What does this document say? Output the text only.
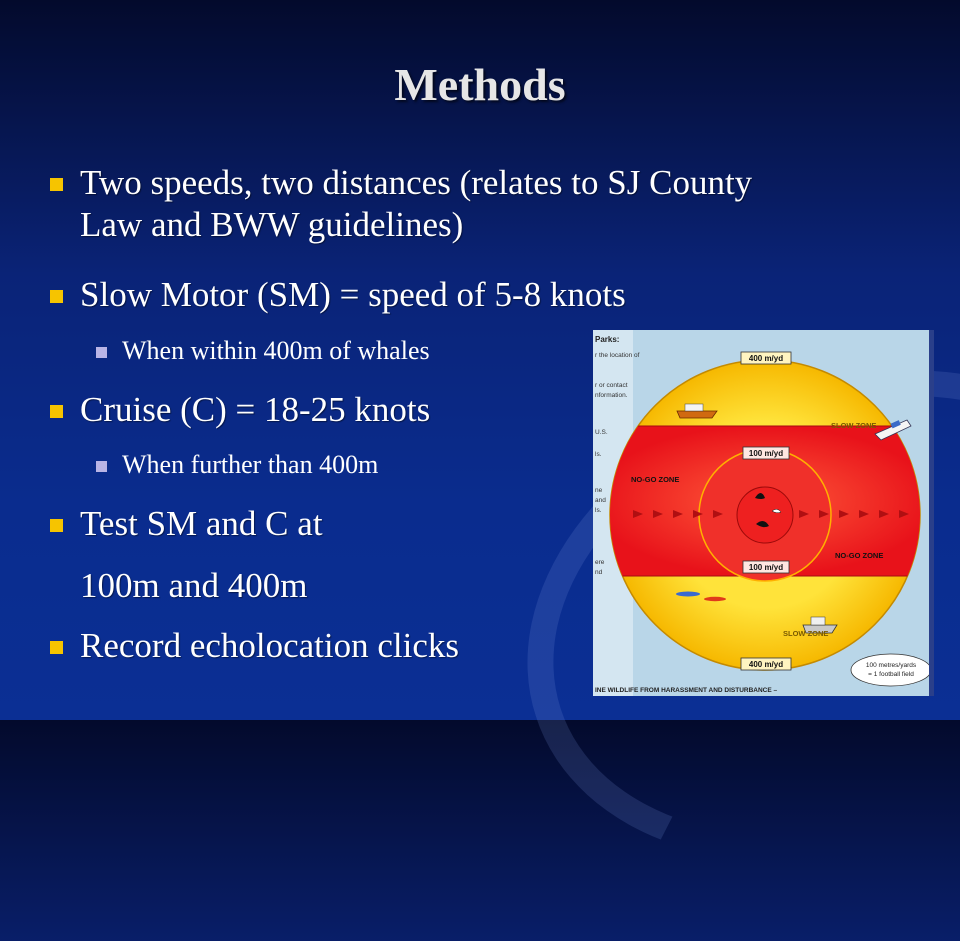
Methods
Two speeds, two distances (relates to SJ County
Law and BWW guidelines)
Slow Motor (SM) = speed of 5-8 knots
When within 400m of whales
Cruise (C) = 18-25 knots
When further than 400m
Test SM and C at
100m and 400m
Record echolocation clicks
Parks:
r the location of
r or contact
nformation.
U.S.
ls.
ne
and
ls.
ere
nd
400 m/yd
100 m/yd
100 m/yd
400 m/yd
SLOW ZONE
SLOW ZONE
NO-GO ZONE
NO-GO ZONE
100 metres/yards
= 1 football field
INE WILDLIFE FROM HARASSMENT AND DISTURBANCE –
